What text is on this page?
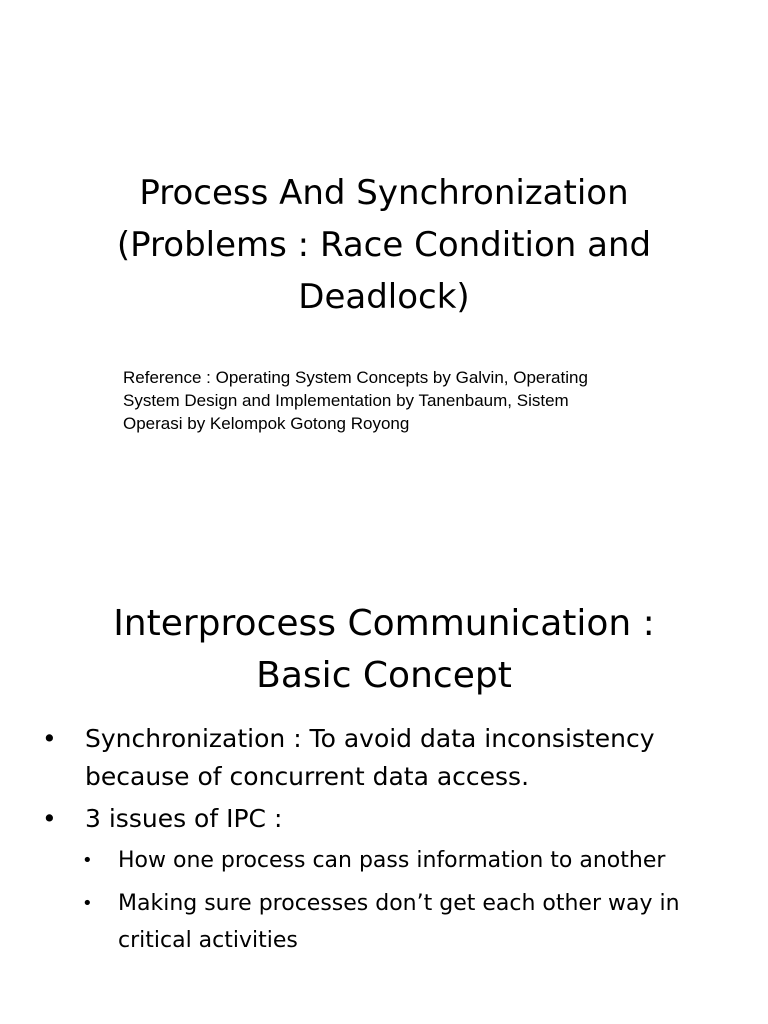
Process And Synchronization
(Problems : Race Condition and
Deadlock)

Reference : Operating System Concepts by Galvin, Operating
System Design and Implementation by Tanenbaum, Sistem
Operasi by Kelompok Gotong Royong

Interprocess Communication :
Basic Concept
• Synchronization : To avoid data inconsistency because of concurrent data access.
• 3 issues of IPC :
• How one process can pass information to another
• Making sure processes don’t get each other way in critical activities
